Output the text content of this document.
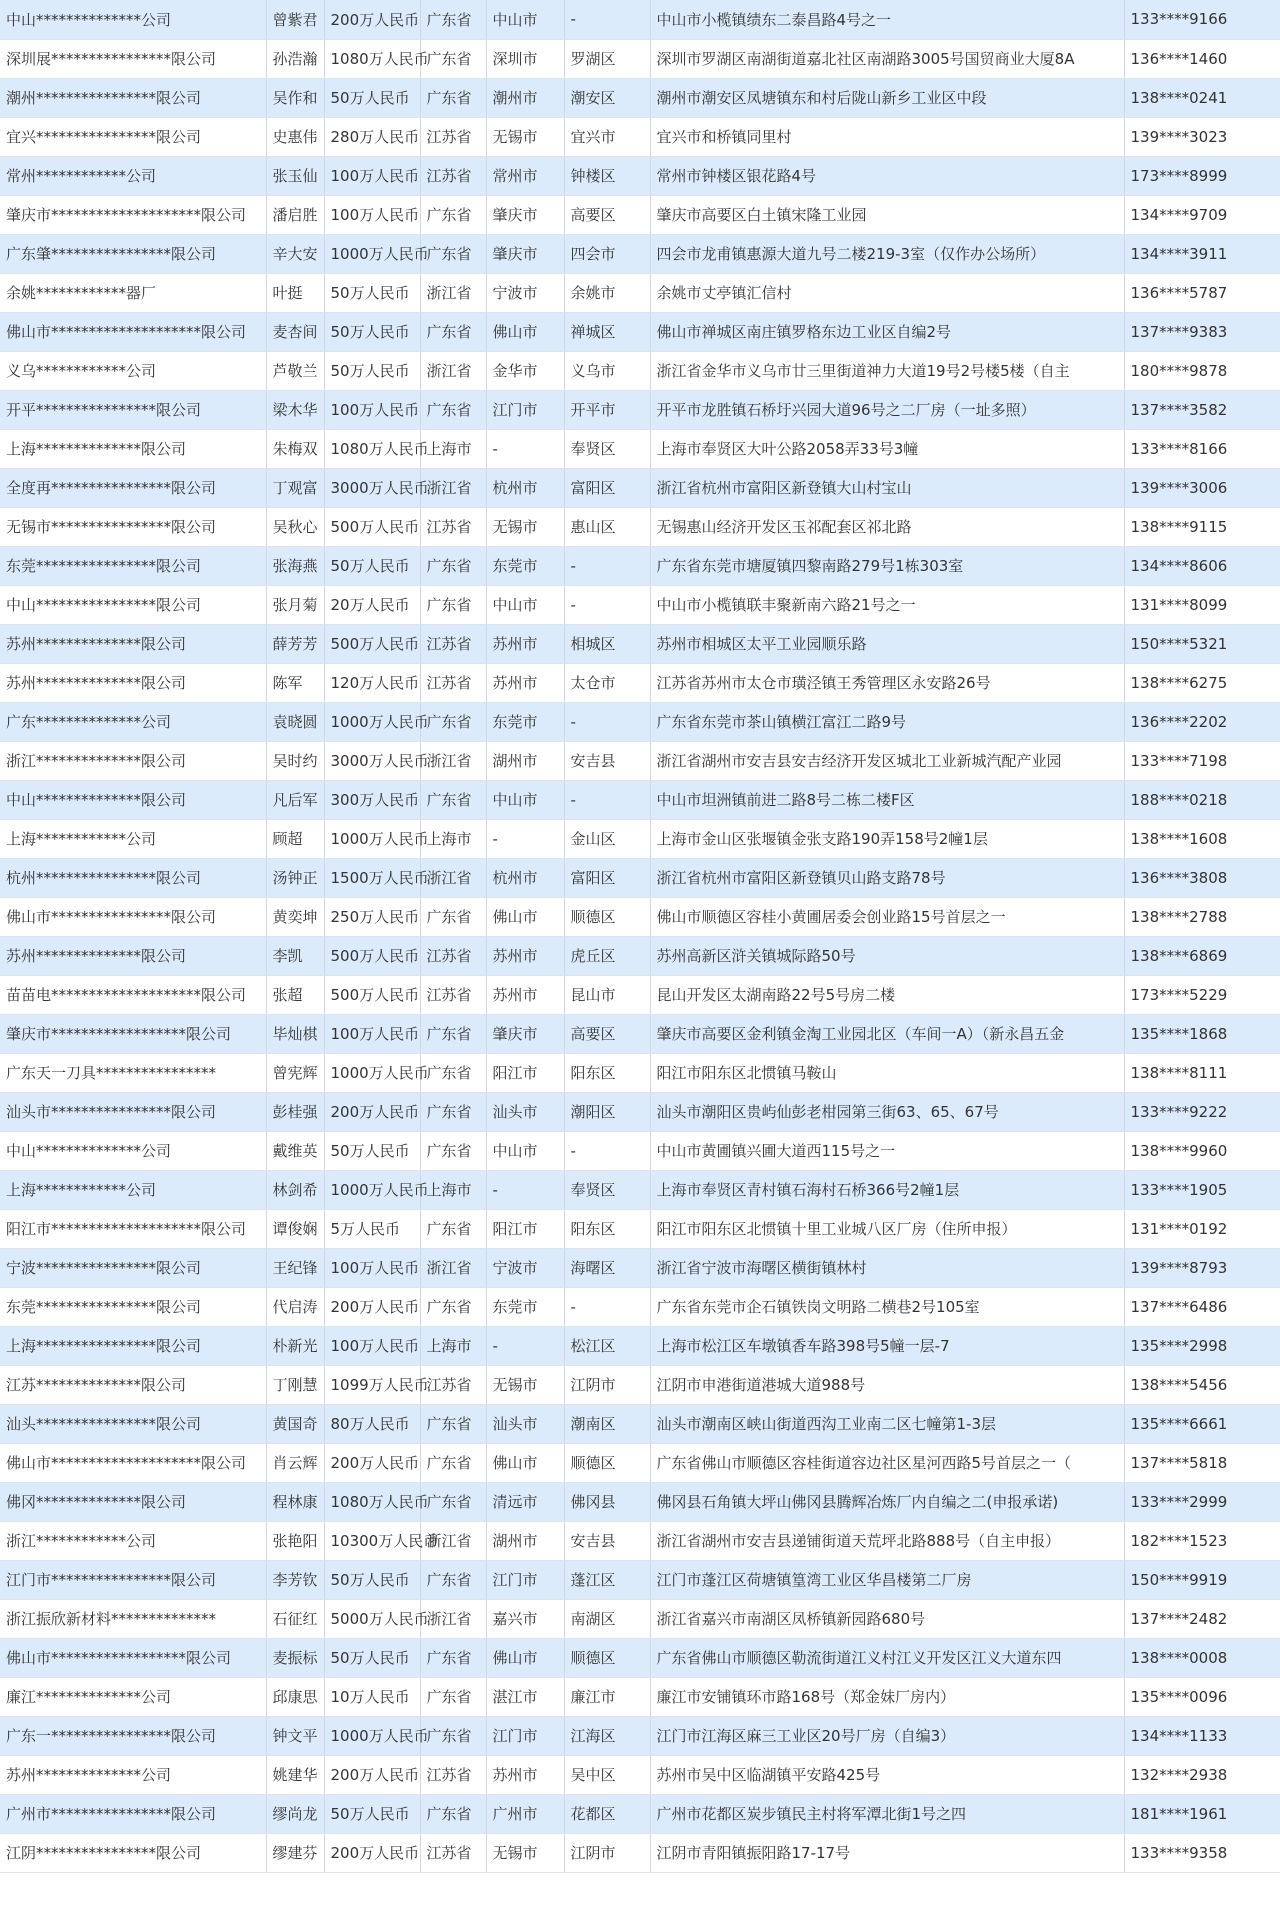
中山**************公司	曾紫君	200万人民币	广东省	中山市	-	中山市小榄镇绩东二泰昌路4号之一	133****9166
深圳展****************限公司	孙浩瀚	1080万人民币	广东省	深圳市	罗湖区	深圳市罗湖区南湖街道嘉北社区南湖路3005号国贸商业大厦8A	136****1460
潮州****************限公司	吴作和	50万人民币	广东省	潮州市	潮安区	潮州市潮安区凤塘镇东和村后陇山新乡工业区中段	138****0241
宜兴****************限公司	史惠伟	280万人民币	江苏省	无锡市	宜兴市	宜兴市和桥镇同里村	139****3023
常州************公司	张玉仙	100万人民币	江苏省	常州市	钟楼区	常州市钟楼区银花路4号	173****8999
肇庆市********************限公司	潘启胜	100万人民币	广东省	肇庆市	高要区	肇庆市高要区白土镇宋隆工业园	134****9709
广东肇****************限公司	辛大安	1000万人民币	广东省	肇庆市	四会市	四会市龙甫镇惠源大道九号二楼219-3室（仅作办公场所）	134****3911
余姚************器厂	叶挺	50万人民币	浙江省	宁波市	余姚市	余姚市丈亭镇汇信村	136****5787
佛山市********************限公司	麦杏间	50万人民币	广东省	佛山市	禅城区	佛山市禅城区南庄镇罗格东边工业区自编2号	137****9383
义乌************公司	芦敬兰	50万人民币	浙江省	金华市	义乌市	浙江省金华市义乌市廿三里街道神力大道19号2号楼5楼（自主	180****9878
开平****************限公司	梁木华	100万人民币	广东省	江门市	开平市	开平市龙胜镇石桥圩兴园大道96号之二厂房（一址多照）	137****3582
上海**************限公司	朱梅双	1080万人民币	上海市	-	奉贤区	上海市奉贤区大叶公路2058弄33号3幢	133****8166
全度再****************限公司	丁观富	3000万人民币	浙江省	杭州市	富阳区	浙江省杭州市富阳区新登镇大山村宝山	139****3006
无锡市****************限公司	吴秋心	500万人民币	江苏省	无锡市	惠山区	无锡惠山经济开发区玉祁配套区祁北路	138****9115
东莞****************限公司	张海燕	50万人民币	广东省	东莞市	-	广东省东莞市塘厦镇四黎南路279号1栋303室	134****8606
中山****************限公司	张月菊	20万人民币	广东省	中山市	-	中山市小榄镇联丰聚新南六路21号之一	131****8099
苏州**************限公司	薛芳芳	500万人民币	江苏省	苏州市	相城区	苏州市相城区太平工业园顺乐路	150****5321
苏州**************限公司	陈军	120万人民币	江苏省	苏州市	太仓市	江苏省苏州市太仓市璜泾镇王秀管理区永安路26号	138****6275
广东**************公司	袁晓圆	1000万人民币	广东省	东莞市	-	广东省东莞市茶山镇横江富江二路9号	136****2202
浙江**************限公司	吴时约	3000万人民币	浙江省	湖州市	安吉县	浙江省湖州市安吉县安吉经济开发区城北工业新城汽配产业园	133****7198
中山**************限公司	凡后军	300万人民币	广东省	中山市	-	中山市坦洲镇前进二路8号二栋二楼F区	188****0218
上海************公司	顾超	1000万人民币	上海市	-	金山区	上海市金山区张堰镇金张支路190弄158号2幢1层	138****1608
杭州****************限公司	汤钟正	1500万人民币	浙江省	杭州市	富阳区	浙江省杭州市富阳区新登镇贝山路支路78号	136****3808
佛山市****************限公司	黄奕坤	250万人民币	广东省	佛山市	顺德区	佛山市顺德区容桂小黄圃居委会创业路15号首层之一	138****2788
苏州**************限公司	李凯	500万人民币	江苏省	苏州市	虎丘区	苏州高新区浒关镇城际路50号	138****6869
苗苗电********************限公司	张超	500万人民币	江苏省	苏州市	昆山市	昆山开发区太湖南路22号5号房二楼	173****5229
肇庆市******************限公司	毕灿棋	100万人民币	广东省	肇庆市	高要区	肇庆市高要区金利镇金淘工业园北区（车间一A）（新永昌五金	135****1868
广东天一刀具****************	曾宪辉	1000万人民币	广东省	阳江市	阳东区	阳江市阳东区北惯镇马鞍山	138****8111
汕头市****************限公司	彭桂强	200万人民币	广东省	汕头市	潮阳区	汕头市潮阳区贵屿仙彭老柑园第三街63、65、67号	133****9222
中山**************公司	戴维英	50万人民币	广东省	中山市	-	中山市黄圃镇兴圃大道西115号之一	138****9960
上海************公司	林剑希	1000万人民币	上海市	-	奉贤区	上海市奉贤区青村镇石海村石桥366号2幢1层	133****1905
阳江市********************限公司	谭俊娴	5万人民币	广东省	阳江市	阳东区	阳江市阳东区北惯镇十里工业城八区厂房（住所申报）	131****0192
宁波****************限公司	王纪锋	100万人民币	浙江省	宁波市	海曙区	浙江省宁波市海曙区横街镇林村	139****8793
东莞****************限公司	代启涛	200万人民币	广东省	东莞市	-	广东省东莞市企石镇铁岗文明路二横巷2号105室	137****6486
上海****************限公司	朴新光	100万人民币	上海市	-	松江区	上海市松江区车墩镇香车路398号5幢一层-7	135****2998
江苏**************限公司	丁刚慧	1099万人民币	江苏省	无锡市	江阴市	江阴市申港街道港城大道988号	138****5456
汕头****************限公司	黄国奇	80万人民币	广东省	汕头市	潮南区	汕头市潮南区峡山街道西沟工业南二区七幢第1-3层	135****6661
佛山市********************限公司	肖云辉	200万人民币	广东省	佛山市	顺德区	广东省佛山市顺德区容桂街道容边社区星河西路5号首层之一（	137****5818
佛冈**************限公司	程林康	1080万人民币	广东省	清远市	佛冈县	佛冈县石角镇大坪山佛冈县腾辉冶炼厂内自编之二(申报承诺)	133****2999
浙江************公司	张艳阳	10300万人民币	浙江省	湖州市	安吉县	浙江省湖州市安吉县递铺街道天荒坪北路888号（自主申报）	182****1523
江门市****************限公司	李芳钦	50万人民币	广东省	江门市	蓬江区	江门市蓬江区荷塘镇篁湾工业区华昌楼第二厂房	150****9919
浙江振欣新材料**************	石征红	5000万人民币	浙江省	嘉兴市	南湖区	浙江省嘉兴市南湖区凤桥镇新园路680号	137****2482
佛山市******************限公司	麦振标	50万人民币	广东省	佛山市	顺德区	广东省佛山市顺德区勒流街道江义村江义开发区江义大道东四	138****0008
廉江**************公司	邱康思	10万人民币	广东省	湛江市	廉江市	廉江市安铺镇环市路168号（郑金妹厂房内）	135****0096
广东一****************限公司	钟文平	1000万人民币	广东省	江门市	江海区	江门市江海区麻三工业区20号厂房（自编3）	134****1133
苏州**************公司	姚建华	200万人民币	江苏省	苏州市	吴中区	苏州市吴中区临湖镇平安路425号	132****2938
广州市****************限公司	缪尚龙	50万人民币	广东省	广州市	花都区	广州市花都区炭步镇民主村将军潭北街1号之四	181****1961
江阴****************限公司	缪建芬	200万人民币	江苏省	无锡市	江阴市	江阴市青阳镇振阳路17-17号	133****9358
